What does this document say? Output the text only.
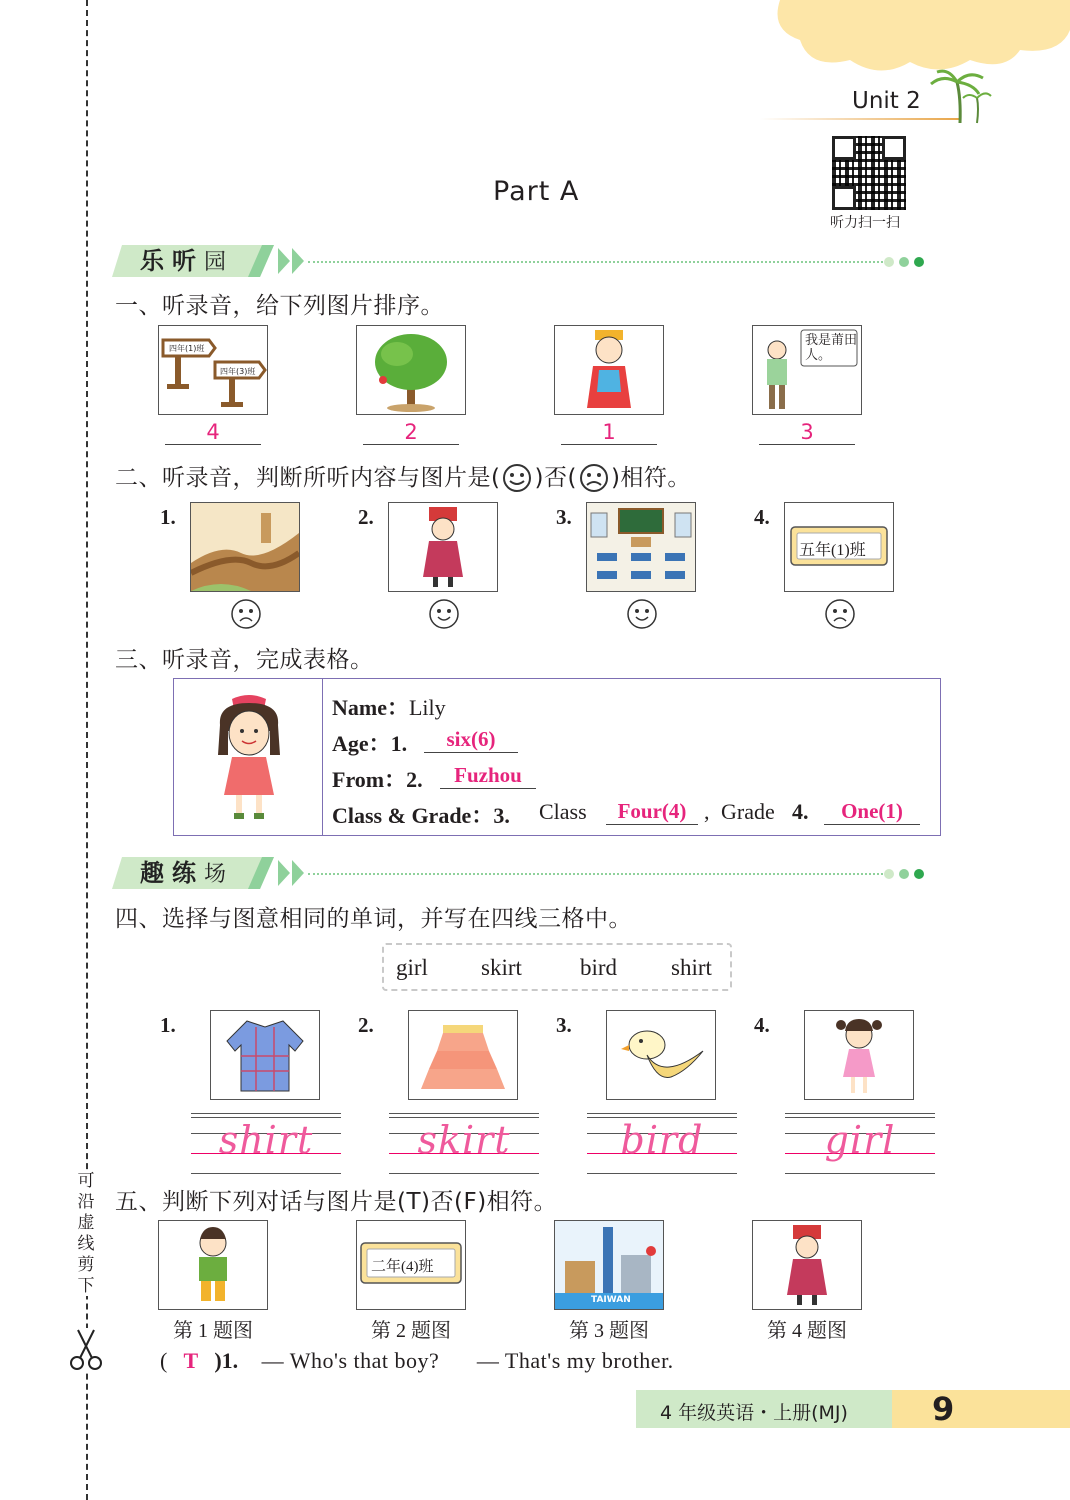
可
沿
虚
线
剪
下
Unit 2
听力扫一扫
Part A
乐听园
一、听录音，给下列图片排序。
四年(1)班
四年(3)班
我是莆田人。
4	2	1	3
二、听录音，判断所听内容与图片是( )否( )相符。
1.	2.	3.	4.
五年(1)班
三、听录音，完成表格。
Name：Lily
Age：1.	six(6)
From：2.	Fuzhou
Class & Grade：3. Class	Four(4) , Grade 4.	One(1)
趣练场
四、选择与图意相同的单词，并写在四线三格中。
girl skirt	bird shirt
1.	2.	3.	4.
shirt	skirt	bird	girl
五、判断下列对话与图片是(T)否(F)相符。
二年(4)班
TAIWAN
第 1 题图	第 2 题图	第 3 题图	第 4 题图
( T )1. — Who's that boy? — That's my brother.
4 年级英语・上册(MJ)	9
